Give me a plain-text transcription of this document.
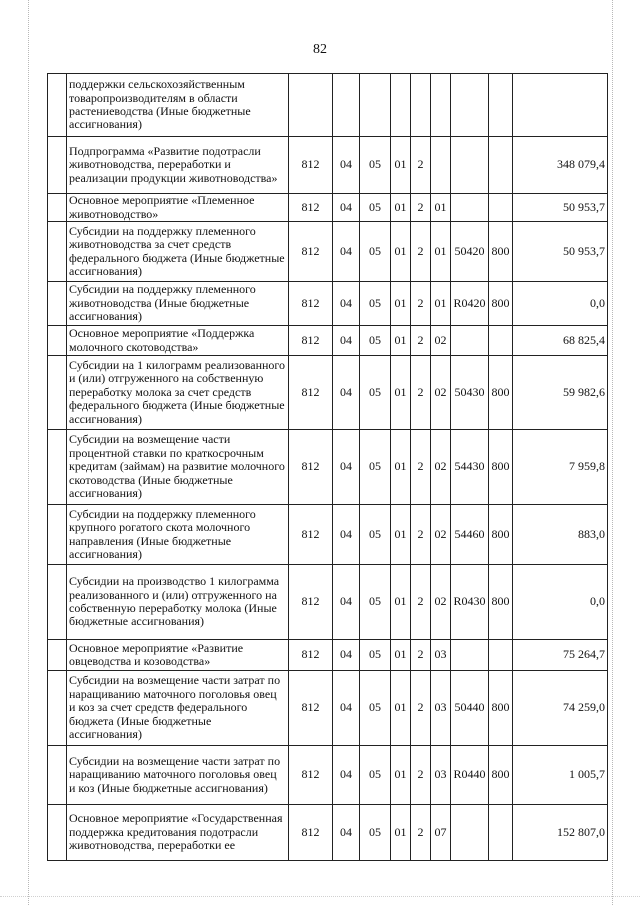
82
	поддержки сельскохозяйственным товаропроизводителям в области растениеводства (Иные бюджетные ассигнования)									
	Подпрограмма «Развитие подотрасли животноводства, переработки и реализации продукции животноводства»	812	04	05	01	2				348 079,4
	Основное мероприятие «Племенное животноводство»	812	04	05	01	2	01			50 953,7
	Субсидии на поддержку племенного животноводства за счет средств федерального бюджета (Иные бюджетные ассигнования)	812	04	05	01	2	01	50420	800	50 953,7
	Субсидии на поддержку племенного животноводства (Иные бюджетные ассигнования)	812	04	05	01	2	01	R0420	800	0,0
	Основное мероприятие «Поддержка молочного скотоводства»	812	04	05	01	2	02			68 825,4
	Субсидии на 1 килограмм реализованного и (или) отгруженного на собственную переработку молока за счет средств федерального бюджета (Иные бюджетные ассигнования)	812	04	05	01	2	02	50430	800	59 982,6
	Субсидии на возмещение части процентной ставки по краткосрочным кредитам (займам) на развитие молочного скотоводства (Иные бюджетные ассигнования)	812	04	05	01	2	02	54430	800	7 959,8
	Субсидии на поддержку племенного крупного рогатого скота молочного направления (Иные бюджетные ассигнования)	812	04	05	01	2	02	54460	800	883,0
	Субсидии на производство 1 килограмма реализованного и (или) отгруженного на собственную переработку молока (Иные бюджетные ассигнования)	812	04	05	01	2	02	R0430	800	0,0
	Основное мероприятие «Развитие овцеводства и козоводства»	812	04	05	01	2	03			75 264,7
	Субсидии на возмещение части затрат по наращиванию маточного поголовья овец и коз за счет средств федерального бюджета (Иные бюджетные ассигнования)	812	04	05	01	2	03	50440	800	74 259,0
	Субсидии на возмещение части затрат по наращиванию маточного поголовья овец и коз (Иные бюджетные ассигнования)	812	04	05	01	2	03	R0440	800	1 005,7
	Основное мероприятие «Государственная поддержка кредитования подотрасли животноводства, переработки ее	812	04	05	01	2	07			152 807,0
